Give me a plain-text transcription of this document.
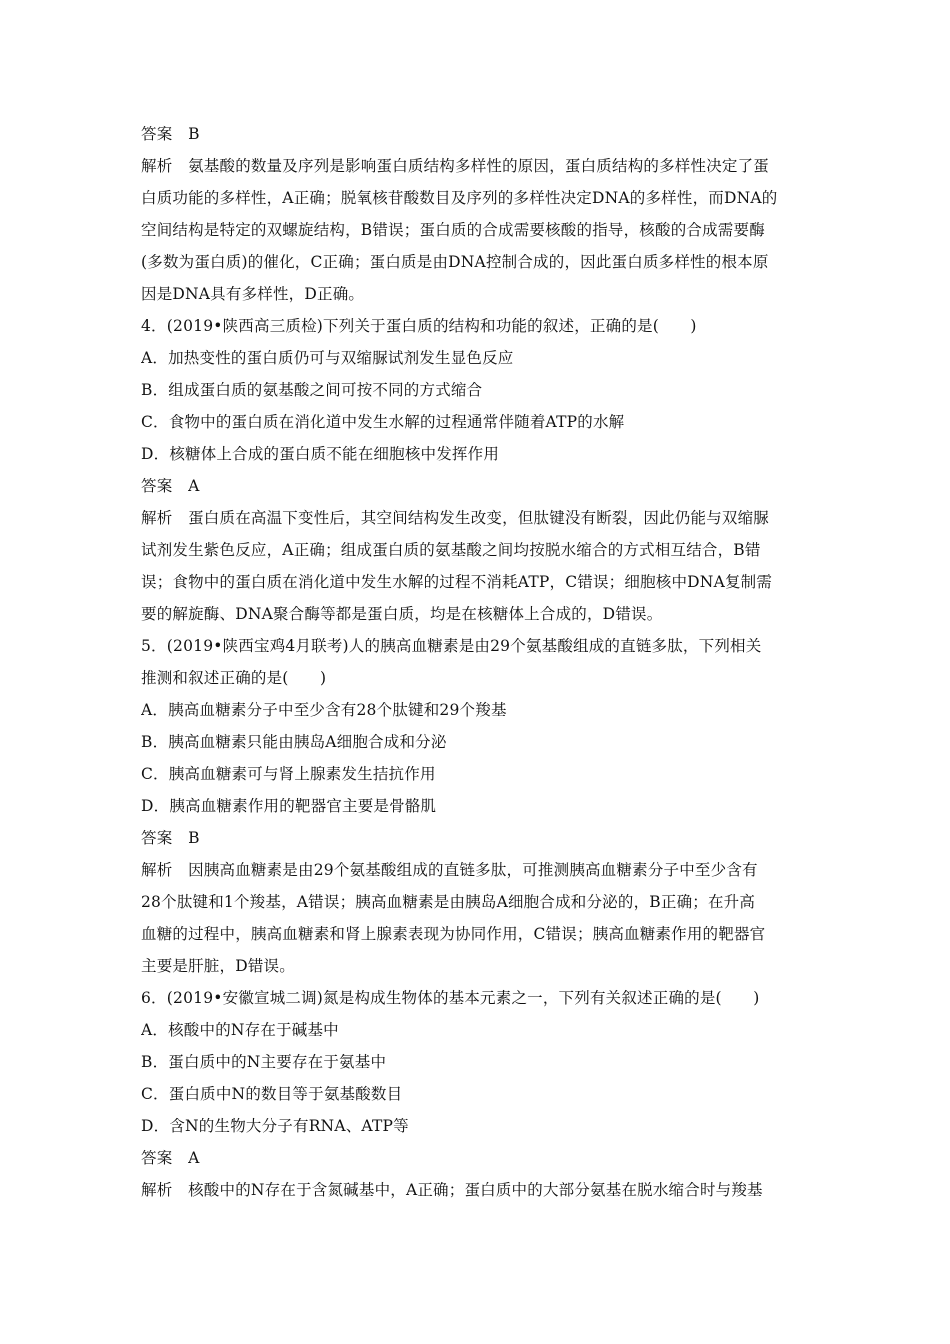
答案　B
解析　氨基酸的数量及序列是影响蛋白质结构多样性的原因，蛋白质结构的多样性决定了蛋
白质功能的多样性，A正确；脱氧核苷酸数目及序列的多样性决定DNA的多样性，而DNA的
空间结构是特定的双螺旋结构，B错误；蛋白质的合成需要核酸的指导，核酸的合成需要酶
(多数为蛋白质)的催化，C正确；蛋白质是由DNA控制合成的，因此蛋白质多样性的根本原
因是DNA具有多样性，D正确。
4．(2019•陕西高三质检)下列关于蛋白质的结构和功能的叙述，正确的是(　　)
A．加热变性的蛋白质仍可与双缩脲试剂发生显色反应
B．组成蛋白质的氨基酸之间可按不同的方式缩合
C．食物中的蛋白质在消化道中发生水解的过程通常伴随着ATP的水解
D．核糖体上合成的蛋白质不能在细胞核中发挥作用
答案　A
解析　蛋白质在高温下变性后，其空间结构发生改变，但肽键没有断裂，因此仍能与双缩脲
试剂发生紫色反应，A正确；组成蛋白质的氨基酸之间均按脱水缩合的方式相互结合，B错
误；食物中的蛋白质在消化道中发生水解的过程不消耗ATP，C错误；细胞核中DNA复制需
要的解旋酶、DNA聚合酶等都是蛋白质，均是在核糖体上合成的，D错误。
5．(2019•陕西宝鸡4月联考)人的胰高血糖素是由29个氨基酸组成的直链多肽，下列相关
推测和叙述正确的是(　　)
A．胰高血糖素分子中至少含有28个肽键和29个羧基
B．胰高血糖素只能由胰岛A细胞合成和分泌
C．胰高血糖素可与肾上腺素发生拮抗作用
D．胰高血糖素作用的靶器官主要是骨骼肌
答案　B
解析　因胰高血糖素是由29个氨基酸组成的直链多肽，可推测胰高血糖素分子中至少含有
28个肽键和1个羧基，A错误；胰高血糖素是由胰岛A细胞合成和分泌的，B正确；在升高
血糖的过程中，胰高血糖素和肾上腺素表现为协同作用，C错误；胰高血糖素作用的靶器官
主要是肝脏，D错误。
6．(2019•安徽宣城二调)氮是构成生物体的基本元素之一，下列有关叙述正确的是(　　)
A．核酸中的N存在于碱基中
B．蛋白质中的N主要存在于氨基中
C．蛋白质中N的数目等于氨基酸数目
D．含N的生物大分子有RNA、ATP等
答案　A
解析　核酸中的N存在于含氮碱基中，A正确；蛋白质中的大部分氨基在脱水缩合时与羧基
